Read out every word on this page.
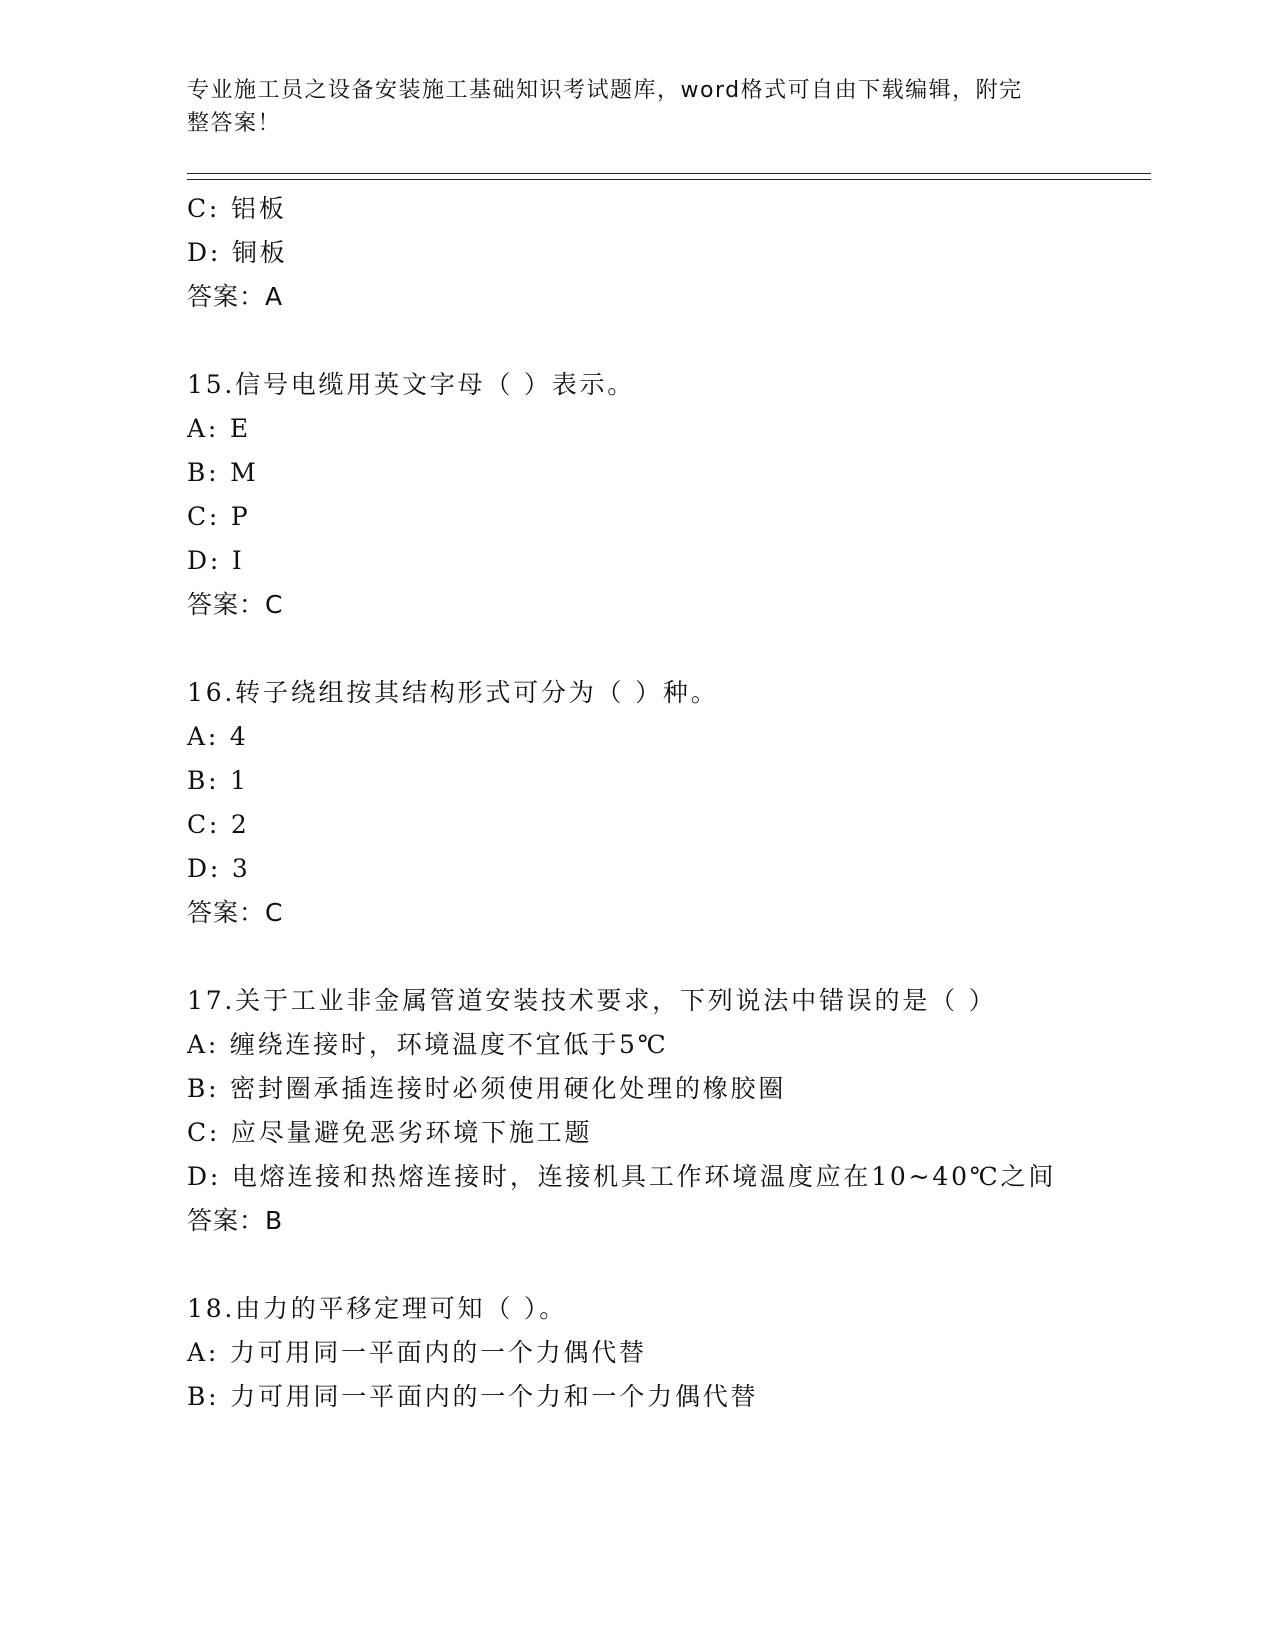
专业施工员之设备安装施工基础知识考试题库，word格式可自由下载编辑，附完
整答案！
C: 铝板
D: 铜板
答案：A
15.信号电缆用英文字母（ ）表示。
A: E
B: M
C: P
D: I
答案：C
16.转子绕组按其结构形式可分为（ ）种。
A: 4
B: 1
C: 2
D: 3
答案：C
17.关于工业非金属管道安装技术要求，下列说法中错误的是（ ）
A: 缠绕连接时，环境温度不宜低于5℃
B: 密封圈承插连接时必须使用硬化处理的橡胶圈
C: 应尽量避免恶劣环境下施工题
D: 电熔连接和热熔连接时，连接机具工作环境温度应在10~40℃之间
答案：B
18.由力的平移定理可知（ ）。
A: 力可用同一平面内的一个力偶代替
B: 力可用同一平面内的一个力和一个力偶代替
